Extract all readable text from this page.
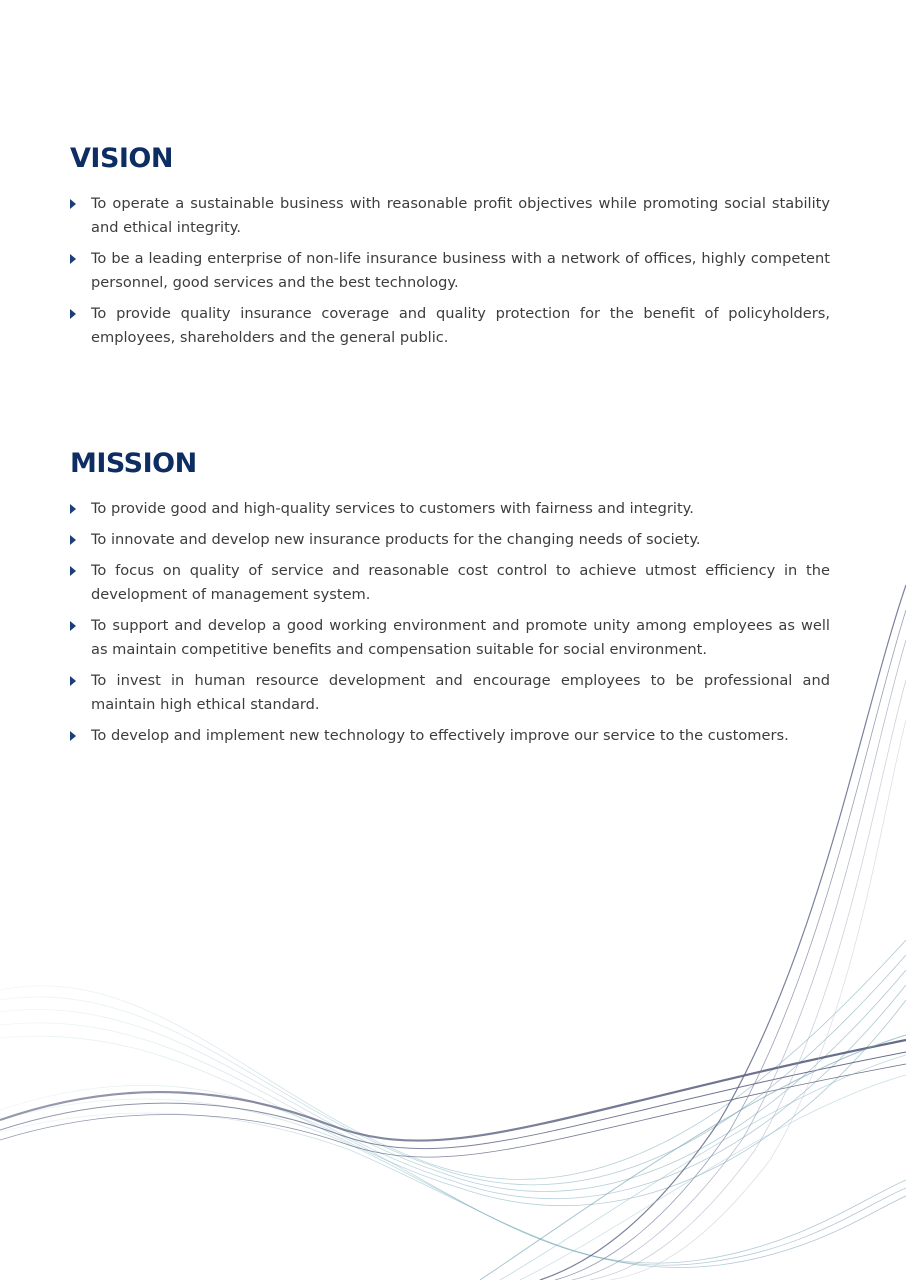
VISION
To operate a sustainable business with reasonable profit objectives while promoting social stability and ethical integrity.
To be a leading enterprise of non-life insurance business with a network of offices, highly competent personnel, good services and the best technology.
To provide quality insurance coverage and quality protection for the benefit of policyholders, employees, shareholders and the general public.
MISSION
To provide good and high-quality services to customers with fairness and integrity.
To innovate and develop new insurance products for the changing needs of society.
To focus on quality of service and reasonable cost control to achieve utmost efficiency in the development of management system.
To support and develop a good working environment and promote unity among employees as well as maintain competitive benefits and compensation suitable for social environment.
To invest in human resource development and encourage employees to be professional and maintain high ethical standard.
To develop and implement new technology to effectively improve our service to the customers.
